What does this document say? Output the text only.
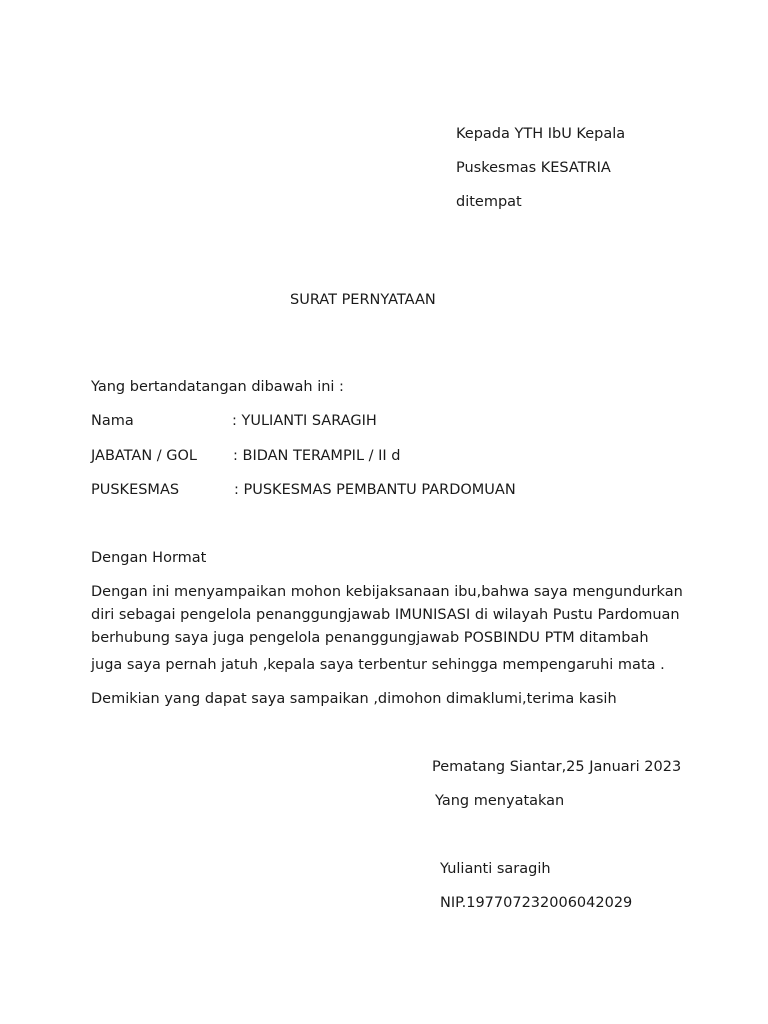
Kepada YTH IbU Kepala
Puskesmas KESATRIA
ditempat
SURAT PERNYATAAN
Yang bertandatangan dibawah ini :
Nama	: YULIANTI SARAGIH
JABATAN / GOL : BIDAN TERAMPIL / II d
PUSKESMAS	: PUSKESMAS PEMBANTU PARDOMUAN
Dengan Hormat
Dengan ini menyampaikan mohon kebijaksanaan ibu,bahwa saya mengundurkan
diri sebagai pengelola penanggungjawab IMUNISASI di wilayah Pustu Pardomuan
berhubung saya juga pengelola penanggungjawab POSBINDU PTM ditambah
juga saya pernah jatuh ,kepala saya terbentur sehingga mempengaruhi mata .
Demikian yang dapat saya sampaikan ,dimohon dimaklumi,terima kasih
Pematang Siantar,25 Januari 2023
Yang menyatakan
Yulianti saragih
NIP.197707232006042029
